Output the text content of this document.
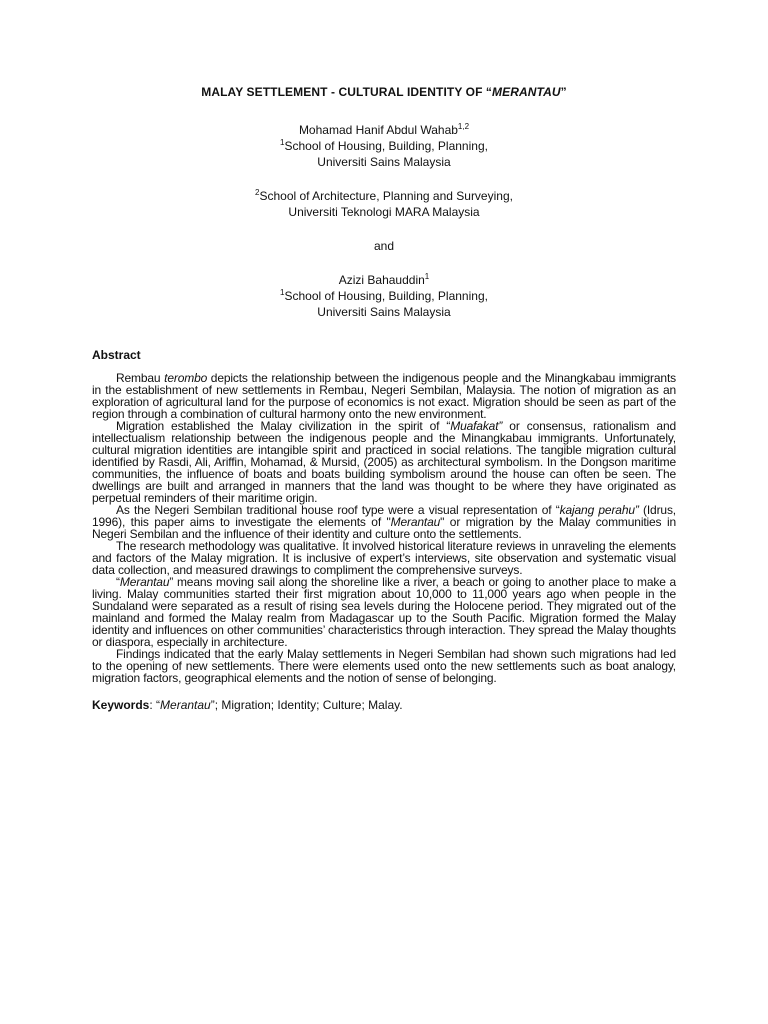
MALAY SETTLEMENT - CULTURAL IDENTITY OF “MERANTAU”

Mohamad Hanif Abdul Wahab$^{1,2}$
$^1$School of Housing, Building, Planning,
Universiti Sains Malaysia
$^2$School of Architecture, Planning and Surveying,
Universiti Teknologi MARA Malaysia
and
Azizi Bahauddin$^1$
$^1$School of Housing, Building, Planning,
Universiti Sains Malaysia
Abstract

Rembau terombo depicts the relationship between the indigenous people and the Minangkabau immigrants in the establishment of new settlements in Rembau, Negeri Sembilan, Malaysia. The notion of migration as an exploration of agricultural land for the purpose of economics is not exact. Migration should be seen as part of the region through a combination of cultural harmony onto the new environment.

Migration established the Malay civilization in the spirit of “Muafakat” or consensus, rationalism and intellectualism relationship between the indigenous people and the Minangkabau immigrants. Unfortunately, cultural migration identities are intangible spirit and practiced in social relations. The tangible migration cultural identified by Rasdi, Ali, Ariffin, Mohamad, & Mursid, (2005) as architectural symbolism. In the Dongson maritime communities, the influence of boats and boats building symbolism around the house can often be seen. The dwellings are built and arranged in manners that the land was thought to be where they have originated as perpetual reminders of their maritime origin.

As the Negeri Sembilan traditional house roof type were a visual representation of “kajang perahu” (Idrus, 1996), this paper aims to investigate the elements of "Merantau" or migration by the Malay communities in Negeri Sembilan and the influence of their identity and culture onto the settlements.

The research methodology was qualitative. It involved historical literature reviews in unraveling the elements and factors of the Malay migration. It is inclusive of expert’s interviews, site observation and systematic visual data collection, and measured drawings to compliment the comprehensive surveys.

“Merantau” means moving sail along the shoreline like a river, a beach or going to another place to make a living. Malay communities started their first migration about 10,000 to 11,000 years ago when people in the Sundaland were separated as a result of rising sea levels during the Holocene period. They migrated out of the mainland and formed the Malay realm from Madagascar up to the South Pacific. Migration formed the Malay identity and influences on other communities’ characteristics through interaction. They spread the Malay thoughts or diaspora, especially in architecture.

Findings indicated that the early Malay settlements in Negeri Sembilan had shown such migrations had led to the opening of new settlements. There were elements used onto the new settlements such as boat analogy, migration factors, geographical elements and the notion of sense of belonging.

Keywords: “Merantau”; Migration; Identity; Culture; Malay.
